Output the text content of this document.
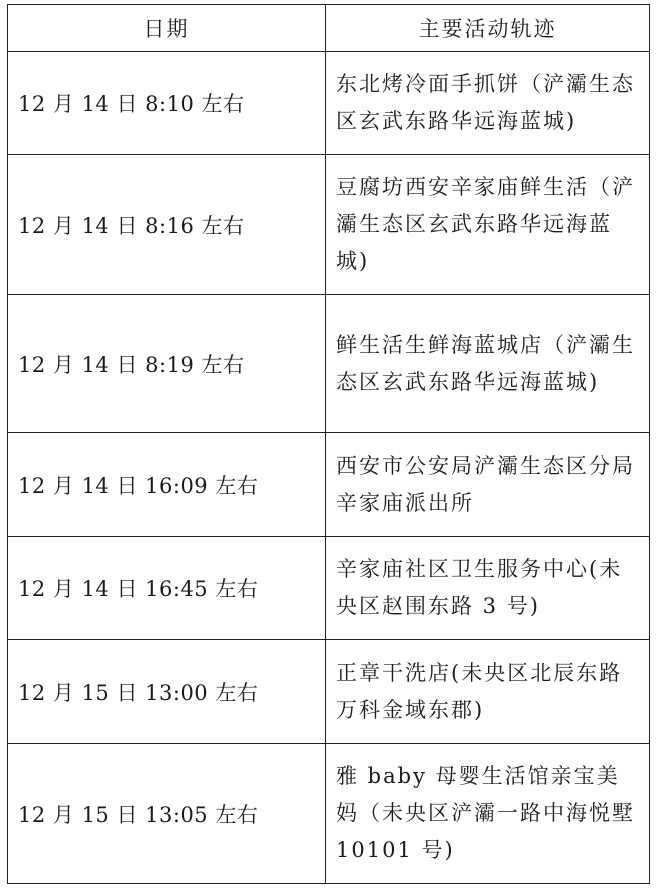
日期	主要活动轨迹
12 月 14 日 8:10 左右	东北烤冷面手抓饼（浐灞生态区玄武东路华远海蓝城)
12 月 14 日 8:16 左右	豆腐坊西安辛家庙鲜生活（浐灞生态区玄武东路华远海蓝城)
12 月 14 日 8:19 左右	鲜生活生鲜海蓝城店（浐灞生态区玄武东路华远海蓝城)
12 月 14 日 16:09 左右	西安市公安局浐灞生态区分局辛家庙派出所
12 月 14 日 16:45 左右	辛家庙社区卫生服务中心(未央区赵围东路 3 号)
12 月 15 日 13:00 左右	正章干洗店(未央区北辰东路万科金域东郡)
12 月 15 日 13:05 左右	雅 baby 母婴生活馆亲宝美妈（未央区浐灞一路中海悦墅 10101 号)
